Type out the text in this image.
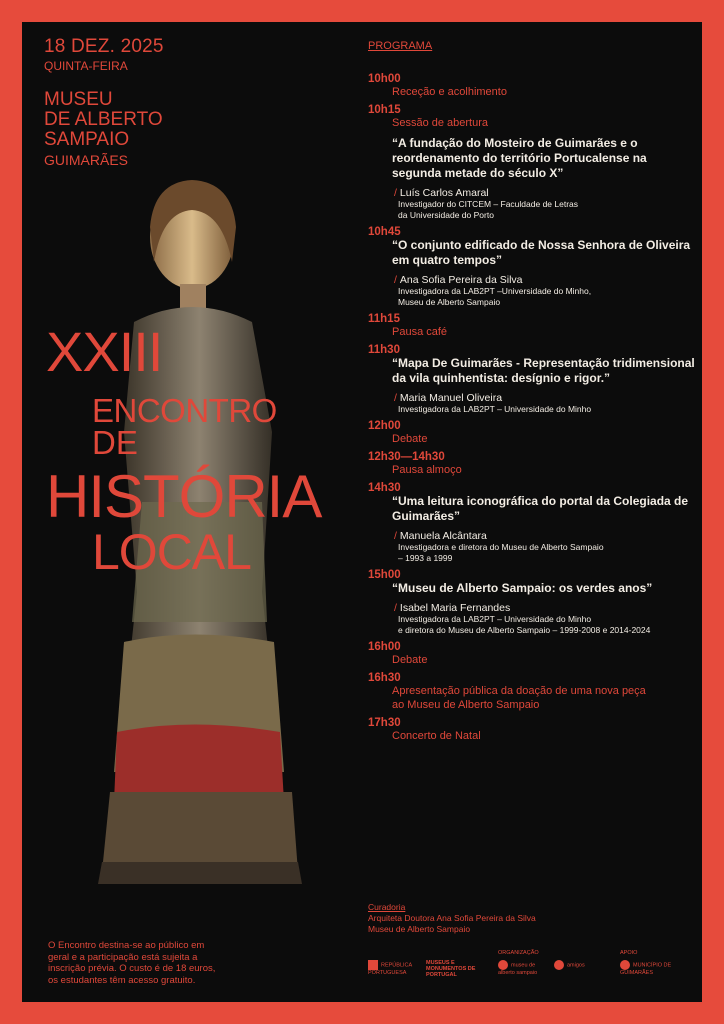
18 DEZ. 2025
QUINTA-FEIRA
MUSEU
DE ALBERTO
SAMPAIO
GUIMARÃES
XXIII
ENCONTRO
DE
HISTÓRIA
LOCAL
O Encontro destina-se ao público em geral e a participação está sujeita a inscrição prévia. O custo é de 18 euros, os estudantes têm acesso gratuito.
PROGRAMA
10h00
Receção e acolhimento
10h15
Sessão de abertura
“A fundação do Mosteiro de Guimarães e o reordenamento do território Portucalense na segunda metade do século X”
/ Luís Carlos Amaral
Investigador do CITCEM – Faculdade de Letras
da Universidade do Porto
10h45
“O conjunto edificado de Nossa Senhora de Oliveira em quatro tempos”
/ Ana Sofia Pereira da Silva
Investigadora da LAB2PT –Universidade do Minho,
Museu de Alberto Sampaio
11h15
Pausa café
11h30
“Mapa De Guimarães - Representação tridimensional da vila quinhentista: desígnio e rigor.”
/ Maria Manuel Oliveira
Investigadora da LAB2PT – Universidade do Minho
12h00
Debate
12h30—14h30
Pausa almoço
14h30
“Uma leitura iconográfica do portal da Colegiada de Guimarães”
/ Manuela Alcântara
Investigadora e diretora do Museu de Alberto Sampaio
– 1993 a 1999
15h00
“Museu de Alberto Sampaio: os verdes anos”
/ Isabel Maria Fernandes
Investigadora da LAB2PT – Universidade do Minho
e diretora do Museu de Alberto Sampaio – 1999-2008 e 2014-2024
16h00
Debate
16h30
Apresentação pública da doação de uma nova peça ao Museu de Alberto Sampaio
17h30
Concerto de Natal
Curadoria
Arquiteta Doutora Ana Sofia Pereira da Silva
Museu de Alberto Sampaio
REPÚBLICA PORTUGUESA
MUSEUS E MONUMENTOS DE PORTUGAL
ORGANIZAÇÃO
museu de alberto sampaio
amigos
APOIO
MUNICÍPIO DE GUIMARÃES
